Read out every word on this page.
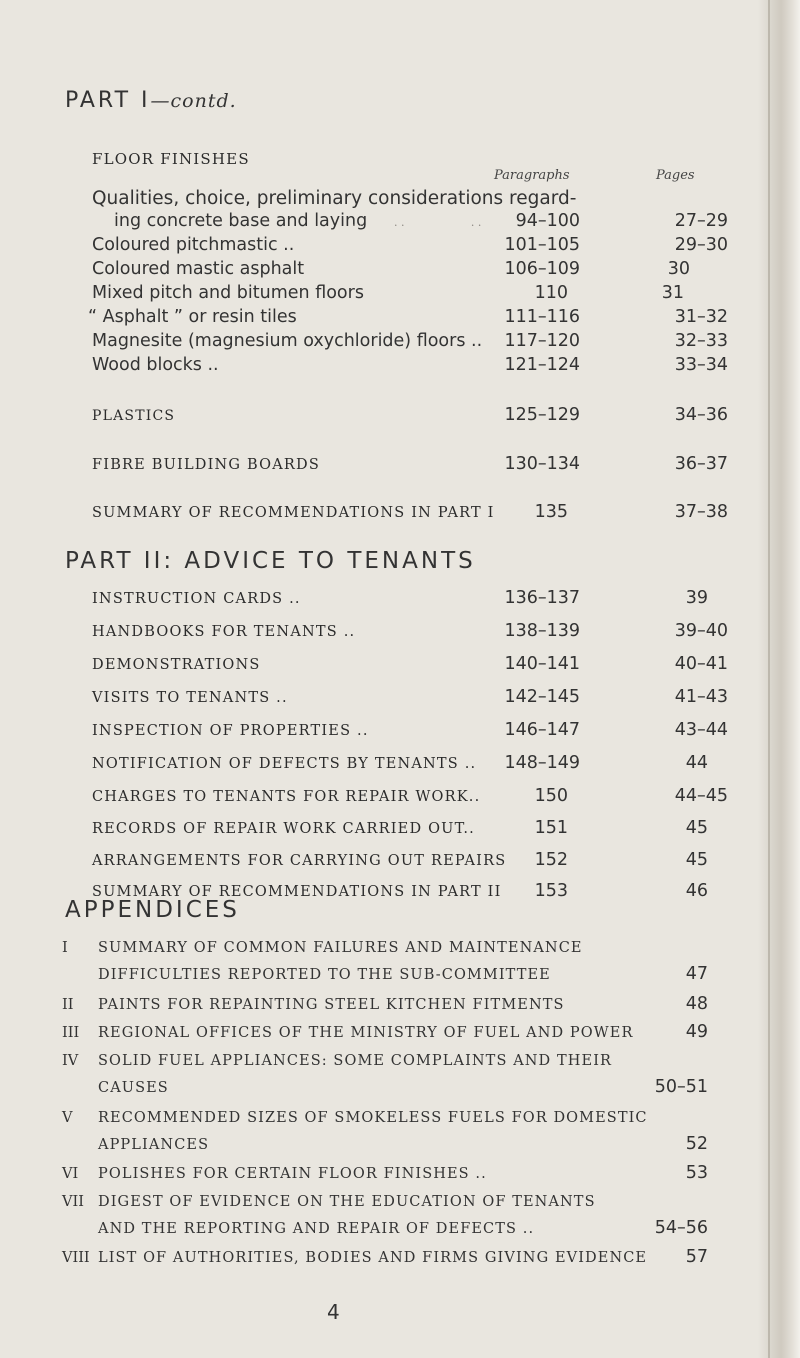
PART I—contd.
FLOOR FINISHES
Paragraphs	Pages
Qualities, choice, preliminary considerations regard-
ing concrete base and laying
. .         . .                   . .	94–100	27–29
Coloured pitchmastic ..	101–105	29–30
Coloured mastic asphalt	106–109	30
Mixed pitch and bitumen floors	110	31
“ Asphalt ” or resin tiles	111–116	31–32
Magnesite (magnesium oxychloride) floors ..	117–120	32–33
Wood blocks ..	121–124	33–34
PLASTICS	125–129	34–36
FIBRE BUILDING BOARDS	130–134	36–37
SUMMARY OF RECOMMENDATIONS IN PART I	135	37–38
PART II: ADVICE TO TENANTS
INSTRUCTION CARDS ..	136–137	39
HANDBOOKS FOR TENANTS ..	138–139	39–40
DEMONSTRATIONS	140–141	40–41
VISITS TO TENANTS ..	142–145	41–43
INSPECTION OF PROPERTIES ..	146–147	43–44
NOTIFICATION OF DEFECTS BY TENANTS ..	148–149	44
CHARGES TO TENANTS FOR REPAIR WORK..	150	44–45
RECORDS OF REPAIR WORK CARRIED OUT..	151	45
ARRANGEMENTS FOR CARRYING OUT REPAIRS	152	45
SUMMARY OF RECOMMENDATIONS IN PART II	153	46
APPENDICES
I	SUMMARY OF COMMON FAILURES AND MAINTENANCE
DIFFICULTIES REPORTED TO THE SUB-COMMITTEE	47
II	PAINTS FOR REPAINTING STEEL KITCHEN FITMENTS	48
III	REGIONAL OFFICES OF THE MINISTRY OF FUEL AND POWER	49
IV	SOLID FUEL APPLIANCES: SOME COMPLAINTS AND THEIR
CAUSES	50–51
V	RECOMMENDED SIZES OF SMOKELESS FUELS FOR DOMESTIC
APPLIANCES	52
VI	POLISHES FOR CERTAIN FLOOR FINISHES ..	53
VII DIGEST OF EVIDENCE ON THE EDUCATION OF TENANTS
AND THE REPORTING AND REPAIR OF DEFECTS ..	54–56
VIII LIST OF AUTHORITIES, BODIES AND FIRMS GIVING EVIDENCE	57
4
